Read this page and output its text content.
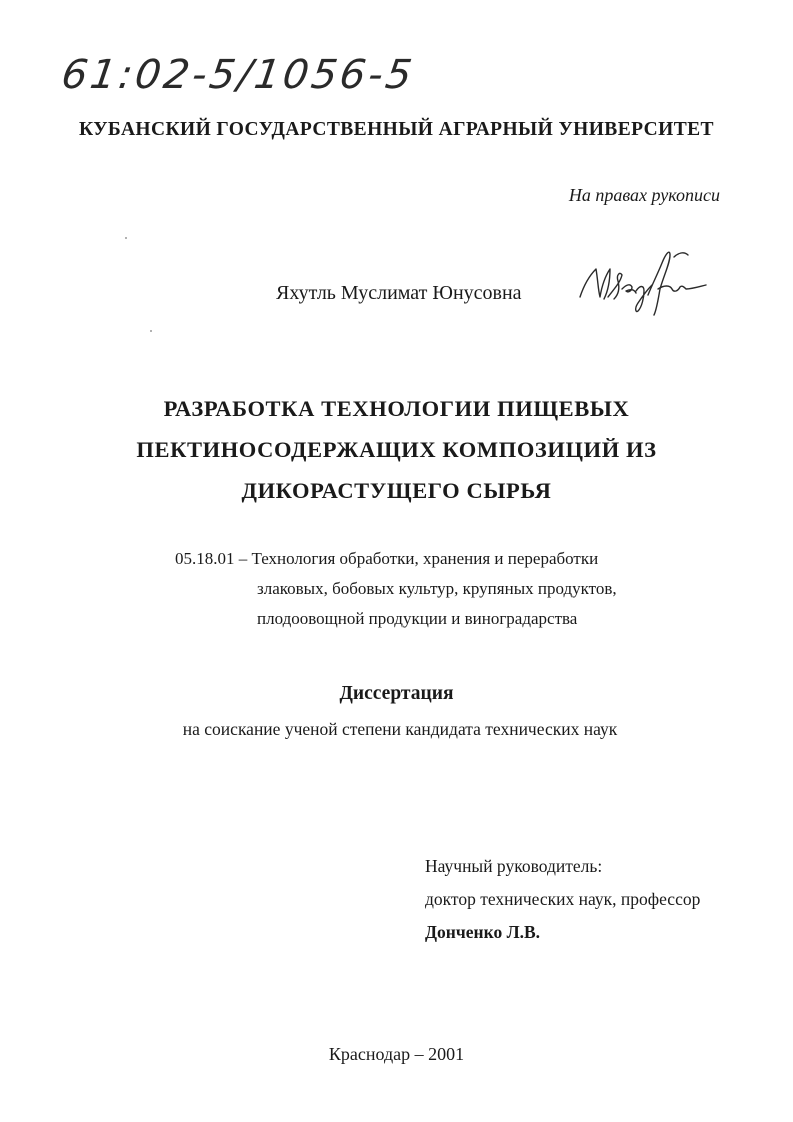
61:02-5/1056-5
КУБАНСКИЙ ГОСУДАРСТВЕННЫЙ АГРАРНЫЙ УНИВЕРСИТЕТ
На правах рукописи
Яхутль Муслимат Юнусовна
РАЗРАБОТКА ТЕХНОЛОГИИ ПИЩЕВЫХ
ПЕКТИНОСОДЕРЖАЩИХ КОМПОЗИЦИЙ ИЗ
ДИКОРАСТУЩЕГО СЫРЬЯ
05.18.01 – Технология обработки, хранения и переработки
злаковых, бобовых культур, крупяных продуктов,
плодоовощной продукции и виноградарства
Диссертация
на соискание ученой степени кандидата технических наук
Научный руководитель:
доктор технических наук, профессор
Донченко Л.В.
Краснодар – 2001
